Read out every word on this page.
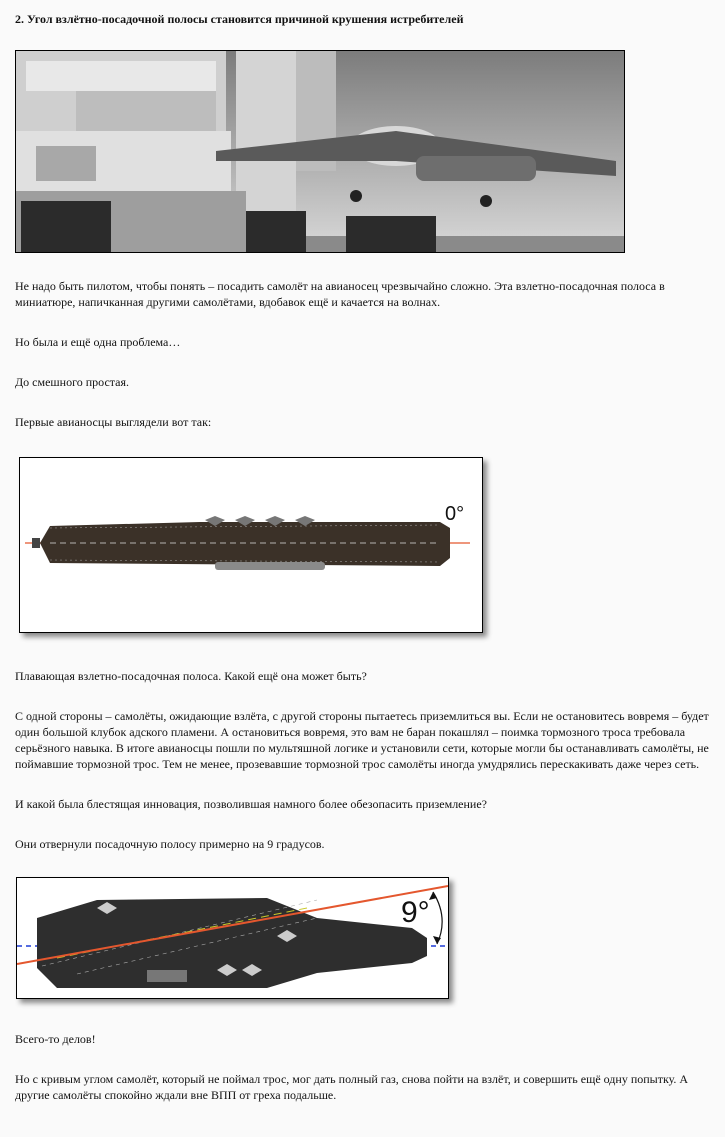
2. Угол взлётно-посадочной полосы становится причиной крушения истребителей
Не надо быть пилотом, чтобы понять – посадить самолёт на авианосец чрезвычайно сложно. Эта взлетно-посадочная полоса в миниатюре, напичканная другими самолётами, вдобавок ещё и качается на волнах.
Но была и ещё одна проблема…
До смешного простая.
Первые авианосцы выглядели вот так:
0°
Плавающая взлетно-посадочная полоса. Какой ещё она может быть?
С одной стороны – самолёты, ожидающие взлёта, с другой стороны пытаетесь приземлиться вы. Если не остановитесь вовремя – будет один большой клубок адского пламени. А остановиться вовремя, это вам не баран покашлял – поимка тормозного троса требовала серьёзного навыка. В итоге авианосцы пошли по мультяшной логике и установили сети, которые могли бы останавливать самолёты, не поймавшие тормозной трос. Тем не менее, прозевавшие тормозной трос самолёты иногда умудрялись перескакивать даже через сеть.
И какой была блестящая инновация, позволившая намного более обезопасить приземление?
Они отвернули посадочную полосу примерно на 9 градусов.
9°
Всего-то делов!
Но с кривым углом самолёт, который не поймал трос, мог дать полный газ, снова пойти на взлёт, и совершить ещё одну попытку. А другие самолёты спокойно ждали вне ВПП от греха подальше.
